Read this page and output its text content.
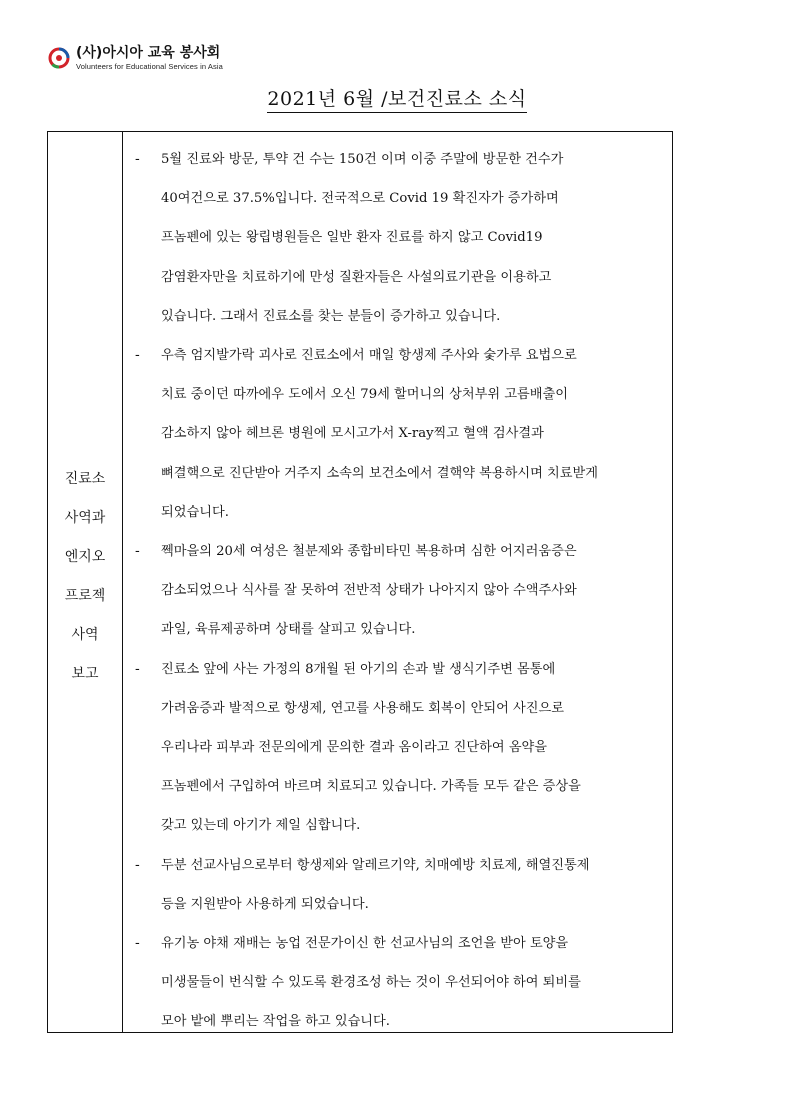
(사)아시아 교육 봉사회
Volunteers for Educational Services in Asia
2021년 6월 /보건진료소 소식
진료소
사역과
엔지오
프로젝
사역
보고
-	5월 진료와 방문, 투약 건 수는 150건 이며 이중 주말에 방문한 건수가
40여건으로 37.5%입니다. 전국적으로 Covid 19 확진자가 증가하며
프놈펜에 있는 왕립병원들은 일반 환자 진료를 하지 않고 Covid19
감염환자만을 치료하기에 만성 질환자들은 사설의료기관을 이용하고
있습니다. 그래서 진료소를 찾는 분들이 증가하고 있습니다.
-	우측 엄지발가락 괴사로 진료소에서 매일 항생제 주사와 숯가루 요법으로
치료 중이던 따까에우 도에서 오신 79세 할머니의 상처부위 고름배출이
감소하지 않아 헤브론 병원에 모시고가서 X-ray찍고 혈액 검사결과
뼈결핵으로 진단받아 거주지 소속의 보건소에서 결핵약 복용하시며 치료받게
되었습니다.
-	쩩마을의 20세 여성은 철분제와 종합비타민 복용하며 심한 어지러움증은
감소되었으나 식사를 잘 못하여 전반적 상태가 나아지지 않아 수액주사와
과일, 육류제공하며 상태를 살피고 있습니다.
-	진료소 앞에 사는 가정의 8개월 된 아기의 손과 발 생식기주변 몸통에
가려움증과 발적으로 항생제, 연고를 사용해도 회복이 안되어 사진으로
우리나라 피부과 전문의에게 문의한 결과 옴이라고 진단하여 옴약을
프놈펜에서 구입하여 바르며 치료되고 있습니다. 가족들 모두 같은 증상을
갖고 있는데 아기가 제일 심합니다.
-	두분 선교사님으로부터 항생제와 알레르기약, 치매예방 치료제, 해열진통제
등을 지원받아 사용하게 되었습니다.
-	유기농 야채 재배는 농업 전문가이신 한 선교사님의 조언을 받아 토양을
미생물들이 번식할 수 있도록 환경조성 하는 것이 우선되어야 하여 퇴비를
모아 밭에 뿌리는 작업을 하고 있습니다.
